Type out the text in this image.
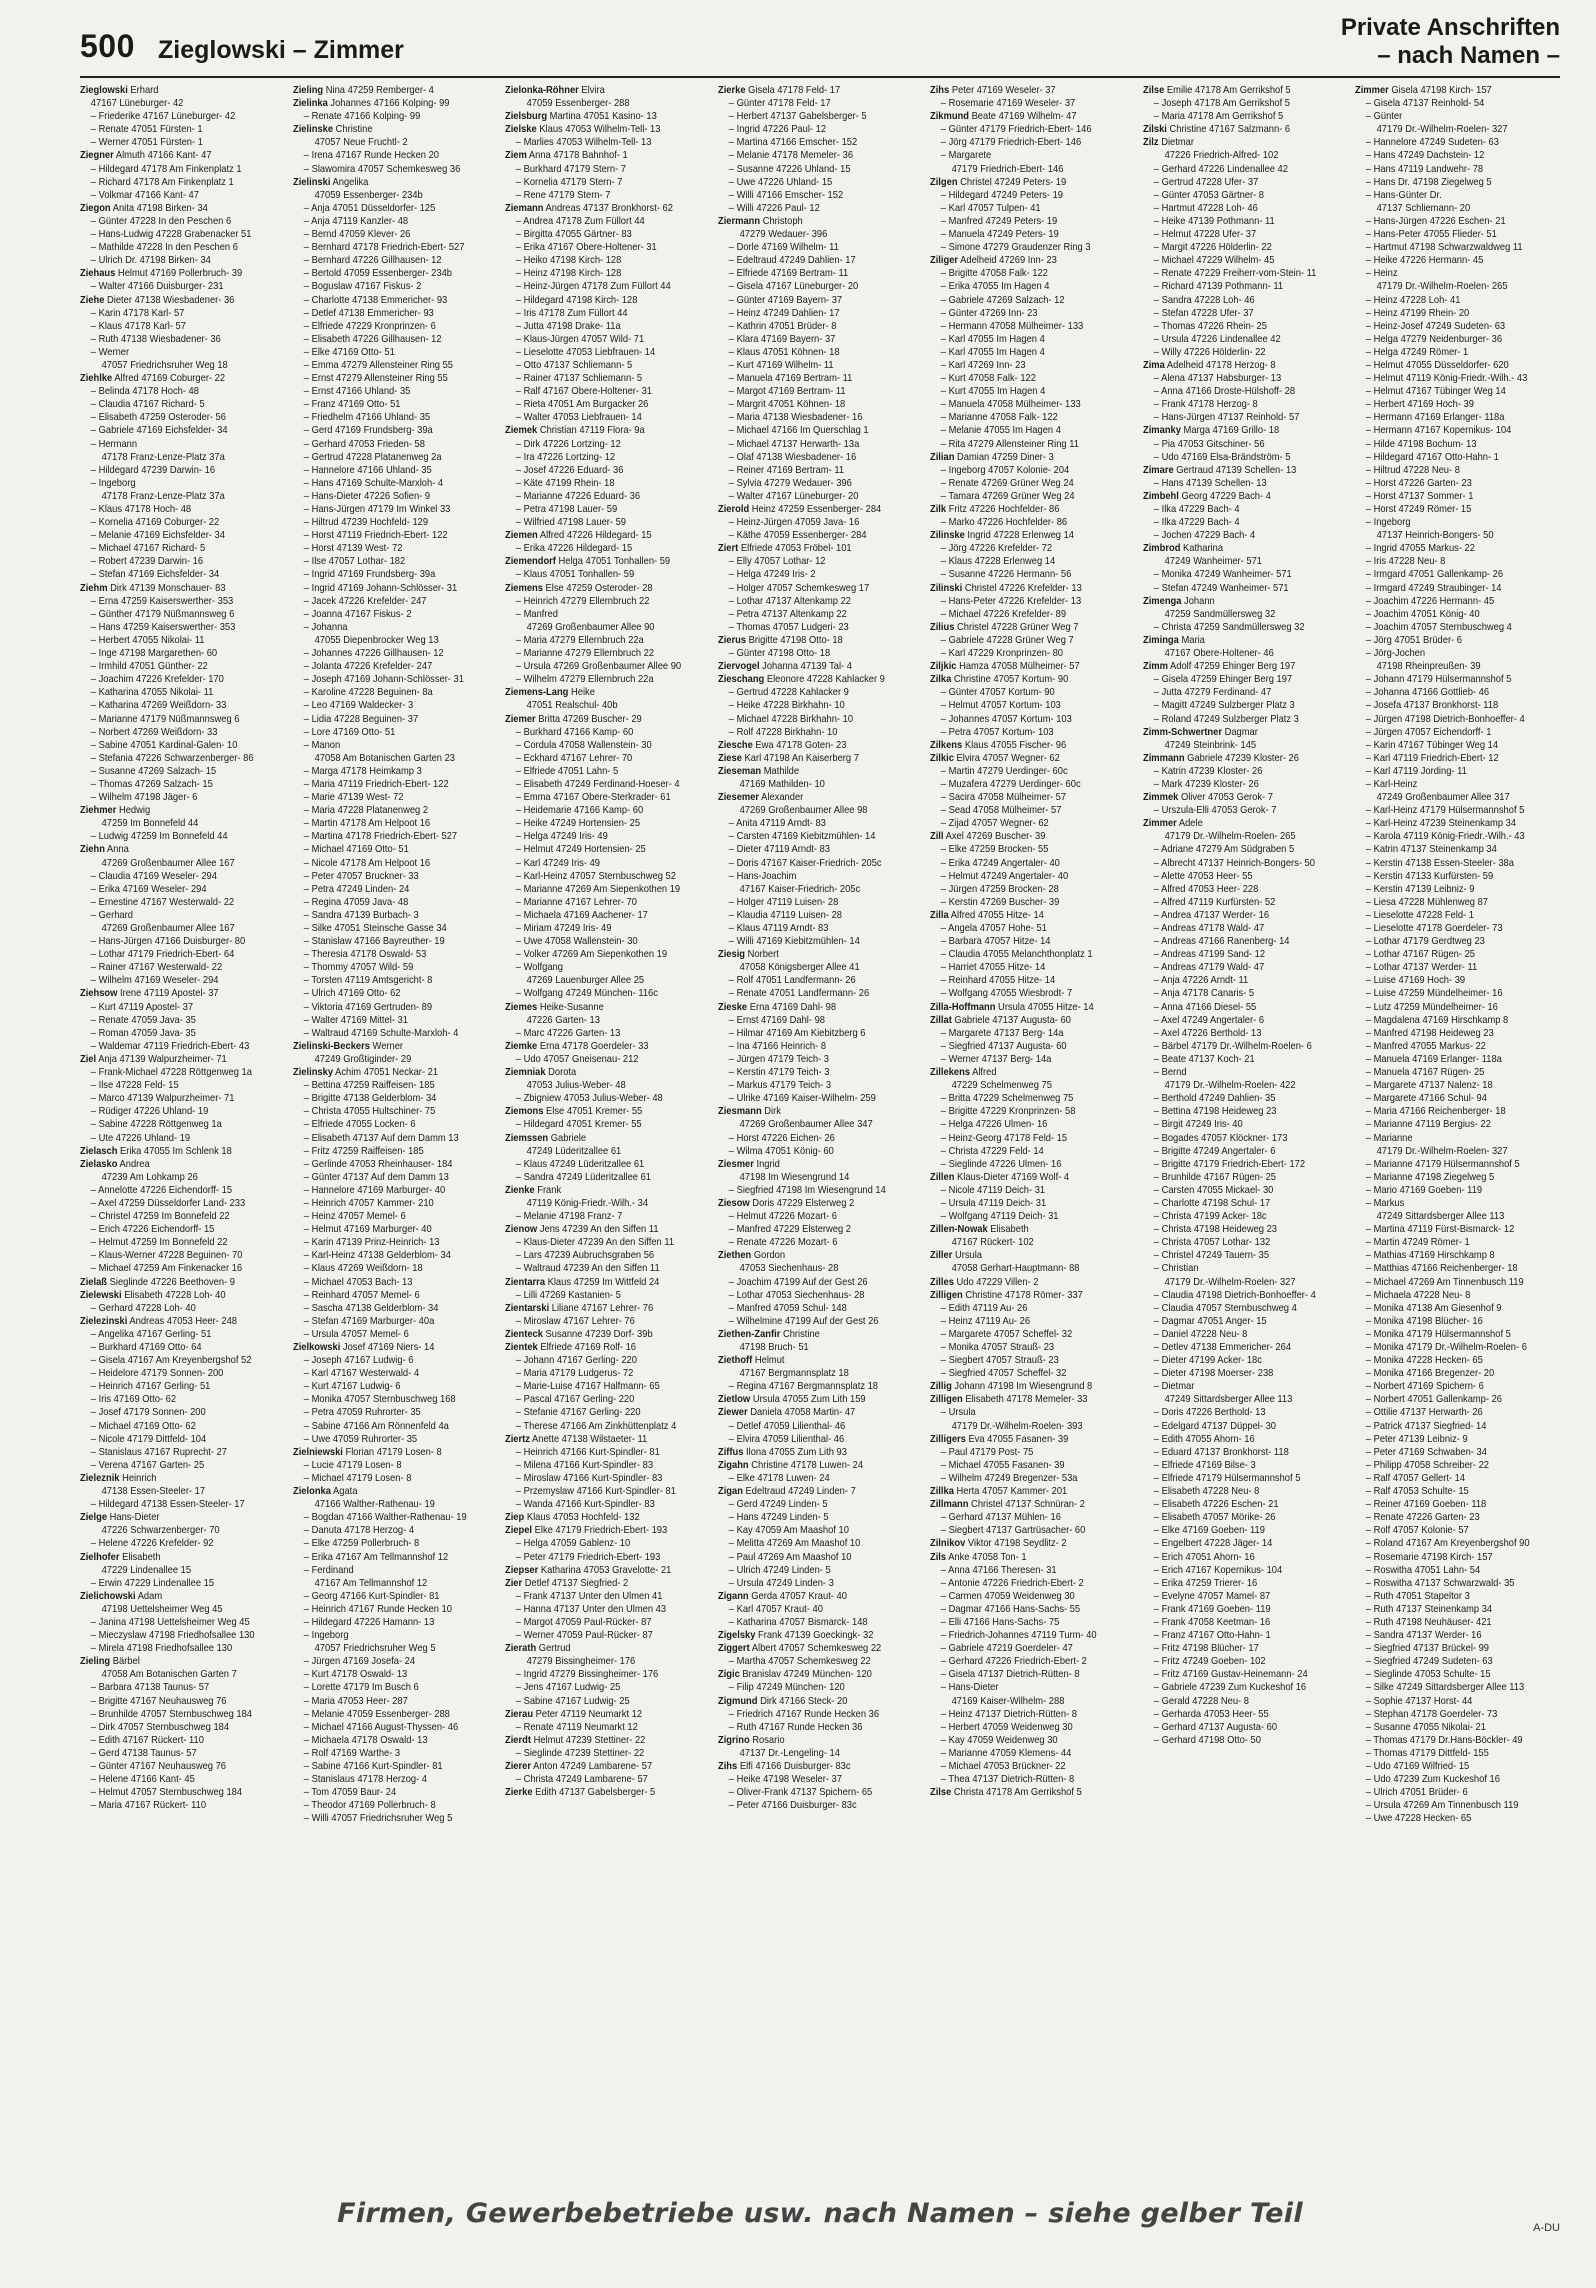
500 Zieglowski – Zimmer
Private Anschriften
– nach Namen –
Zieglowski Erhard
47167 Lüneburger- 42
– Friederike 47167 Lüneburger- 42
– Renate 47051 Fürsten- 1
– Werner 47051 Fürsten- 1
Ziegner Almuth 47166 Kant- 47
– Hildegard 47178 Am Finkenplatz 1
– Richard 47178 Am Finkenplatz 1
– Volkmar 47166 Kant- 47
Ziegon Anita 47198 Birken- 34
– Günter 47228 In den Peschen 6
– Hans-Ludwig 47228 Grabenacker 51
– Mathilde 47228 In den Peschen 6
– Ulrich Dr. 47198 Birken- 34
Ziehaus Helmut 47169 Pollerbruch- 39
– Walter 47166 Duisburger- 231
Ziehe Dieter 47138 Wiesbadener- 36
– Karin 47178 Karl- 57
– Klaus 47178 Karl- 57
– Ruth 47138 Wiesbadener- 36
– Werner
47057 Friedrichsruher Weg 18
Ziehlke Alfred 47169 Coburger- 22
– Belinda 47178 Hoch- 48
– Claudia 47167 Richard- 5
– Elisabeth 47259 Osteroder- 56
– Gabriele 47169 Eichsfelder- 34
– Hermann
47178 Franz-Lenze-Platz 37a
– Hildegard 47239 Darwin- 16
– Ingeborg
47178 Franz-Lenze-Platz 37a
– Klaus 47178 Hoch- 48
– Kornelia 47169 Coburger- 22
– Melanie 47169 Eichsfelder- 34
– Michael 47167 Richard- 5
– Robert 47239 Darwin- 16
– Stefan 47169 Eichsfelder- 34
Ziehm Dirk 47139 Monschauer- 83
– Erna 47259 Kaiserswerther- 353
– Günther 47179 Nüßmannsweg 6
– Hans 47259 Kaiserswerther- 353
– Herbert 47055 Nikolai- 11
– Inge 47198 Margarethen- 60
– Irmhild 47051 Günther- 22
– Joachim 47226 Krefelder- 170
– Katharina 47055 Nikolai- 11
– Katharina 47269 Weißdorn- 33
– Marianne 47179 Nüßmannsweg 6
– Norbert 47269 Weißdorn- 33
– Sabine 47051 Kardinal-Galen- 10
– Stefania 47226 Schwarzenberger- 86
– Susanne 47269 Salzach- 15
– Thomas 47269 Salzach- 15
– Wilhelm 47198 Jäger- 6
Ziehmer Hedwig
47259 Im Bonnefeld 44
– Ludwig 47259 Im Bonnefeld 44
Ziehn Anna
47269 Großenbaumer Allee 167
– Claudia 47169 Weseler- 294
– Erika 47169 Weseler- 294
– Ernestine 47167 Westerwald- 22
– Gerhard
47269 Großenbaumer Allee 167
– Hans-Jürgen 47166 Duisburger- 80
– Lothar 47179 Friedrich-Ebert- 64
– Rainer 47167 Westerwald- 22
– Wilhelm 47169 Weseler- 294
Ziehsow Irene 47119 Apostel- 37
– Kurt 47119 Apostel- 37
– Renate 47059 Java- 35
– Roman 47059 Java- 35
– Waldemar 47119 Friedrich-Ebert- 43
Ziel Anja 47139 Walpurzheimer- 71
– Frank-Michael 47228 Röttgenweg 1a
– Ilse 47228 Feld- 15
– Marco 47139 Walpurzheimer- 71
– Rüdiger 47226 Uhland- 19
– Sabine 47228 Röttgenweg 1a
– Ute 47226 Uhland- 19
Zielasch Erika 47055 Im Schlenk 18
Zielasko Andrea
47239 Am Lohkamp 26
– Annelotte 47226 Eichendorff- 15
– Axel 47259 Düsseldorfer Land- 233
– Christel 47259 Im Bonnefeld 22
– Erich 47226 Eichendorff- 15
– Helmut 47259 Im Bonnefeld 22
– Klaus-Werner 47228 Beguinen- 70
– Michael 47259 Am Finkenacker 16
Zielaß Sieglinde 47226 Beethoven- 9
Zielewski Elisabeth 47228 Loh- 40
– Gerhard 47228 Loh- 40
Zielezinski Andreas 47053 Heer- 248
– Angelika 47167 Gerling- 51
– Burkhard 47169 Otto- 64
– Gisela 47167 Am Kreyenbergshof 52
– Heidelore 47179 Sonnen- 200
– Heinrich 47167 Gerling- 51
– Iris 47169 Otto- 62
– Josef 47179 Sonnen- 200
– Michael 47169 Otto- 62
– Nicole 47179 Dittfeld- 104
– Stanislaus 47167 Ruprecht- 27
– Verena 47167 Garten- 25
Zieleznik Heinrich
47138 Essen-Steeler- 17
– Hildegard 47138 Essen-Steeler- 17
Zielge Hans-Dieter
47226 Schwarzenberger- 70
– Helene 47226 Krefelder- 92
Zielhofer Elisabeth
47229 Lindenallee 15
– Erwin 47229 Lindenallee 15
Zielichowski Adam
47198 Uettelsheimer Weg 45
– Janina 47198 Uettelsheimer Weg 45
– Mieczyslaw 47198 Friedhofsallee 130
– Mirela 47198 Friedhofsallee 130
Zieling Bärbel
47058 Am Botanischen Garten 7
– Barbara 47138 Taunus- 57
– Brigitte 47167 Neuhausweg 76
– Brunhilde 47057 Sternbuschweg 184
– Dirk 47057 Sternbuschweg 184
– Edith 47167 Rückert- 110
– Gerd 47138 Taunus- 57
– Günter 47167 Neuhausweg 76
– Helene 47166 Kant- 45
– Helmut 47057 Sternbuschweg 184
– Maria 47167 Rückert- 110
Zieling Nina 47259 Remberger- 4
Zielinka Johannes 47166 Kolping- 99
– Renate 47166 Kolping- 99
Zielinske Christine
47057 Neue Fruchtl- 2
– Irena 47167 Runde Hecken 20
– Slawomira 47057 Schemkesweg 36
Zielinski Angelika
47059 Essenberger- 234b
– Anja 47051 Düsseldorfer- 125
– Anja 47119 Kanzler- 48
– Bernd 47059 Klever- 26
– Bernhard 47178 Friedrich-Ebert- 527
– Bernhard 47226 Gillhausen- 12
– Bertold 47059 Essenberger- 234b
– Boguslaw 47167 Fiskus- 2
– Charlotte 47138 Emmericher- 93
– Detlef 47138 Emmericher- 93
– Elfriede 47229 Kronprinzen- 6
– Elisabeth 47226 Gillhausen- 12
– Elke 47169 Otto- 51
– Emma 47279 Allensteiner Ring 55
– Ernst 47279 Allensteiner Ring 55
– Ernst 47166 Uhland- 35
– Franz 47169 Otto- 51
– Friedhelm 47166 Uhland- 35
– Gerd 47169 Frundsberg- 39a
– Gerhard 47053 Frieden- 58
– Gertrud 47228 Platanenweg 2a
– Hannelore 47166 Uhland- 35
– Hans 47169 Schulte-Marxloh- 4
– Hans-Dieter 47226 Sofien- 9
– Hans-Jürgen 47179 Im Winkel 33
– Hiltrud 47239 Hochfeld- 129
– Horst 47119 Friedrich-Ebert- 122
– Horst 47139 West- 72
– Ilse 47057 Lothar- 182
– Ingrid 47169 Frundsberg- 39a
– Ingrid 47169 Johann-Schlösser- 31
– Jacek 47226 Krefelder- 247
– Joanna 47167 Fiskus- 2
– Johanna
47055 Diepenbrocker Weg 13
– Johannes 47226 Gillhausen- 12
– Jolanta 47226 Krefelder- 247
– Joseph 47169 Johann-Schlösser- 31
– Karoline 47228 Beguinen- 8a
– Leo 47169 Waldecker- 3
– Lidia 47228 Beguinen- 37
– Lore 47169 Otto- 51
– Manon
47058 Am Botanischen Garten 23
– Marga 47178 Heimkamp 3
– Maria 47119 Friedrich-Ebert- 122
– Marie 47139 West- 72
– Maria 47228 Platanenweg 2
– Martin 47178 Am Helpoot 16
– Martina 47178 Friedrich-Ebert- 527
– Michael 47169 Otto- 51
– Nicole 47178 Am Helpoot 16
– Peter 47057 Bruckner- 33
– Petra 47249 Linden- 24
– Regina 47059 Java- 48
– Sandra 47139 Burbach- 3
– Silke 47051 Steinsche Gasse 34
– Stanislaw 47166 Bayreuther- 19
– Theresia 47178 Oswald- 53
– Thommy 47057 Wild- 59
– Torsten 47119 Amtsgericht- 8
– Ulrich 47169 Otto- 62
– Viktoria 47169 Gertruden- 89
– Walter 47169 Mittel- 31
– Waltraud 47169 Schulte-Marxloh- 4
Zielinski-Beckers Werner
47249 Großtiginder- 29
Zielinsky Achim 47051 Neckar- 21
– Bettina 47259 Raiffeisen- 185
– Brigitte 47138 Gelderblom- 34
– Christa 47055 Hultschiner- 75
– Elfriede 47055 Locken- 6
– Elisabeth 47137 Auf dem Damm 13
– Fritz 47259 Raiffeisen- 185
– Gerlinde 47053 Rheinhauser- 184
– Günter 47137 Auf dem Damm 13
– Hannelore 47169 Marburger- 40
– Heinrich 47057 Kammer- 210
– Heinz 47057 Memel- 6
– Helmut 47169 Marburger- 40
– Karin 47139 Prinz-Heinrich- 13
– Karl-Heinz 47138 Gelderblom- 34
– Klaus 47269 Weißdorn- 18
– Michael 47053 Bach- 13
– Reinhard 47057 Memel- 6
– Sascha 47138 Gelderblom- 34
– Stefan 47169 Marburger- 40a
– Ursula 47057 Memel- 6
Zielkowski Josef 47169 Niers- 14
– Joseph 47167 Ludwig- 6
– Karl 47167 Westerwald- 4
– Kurt 47167 Ludwig- 6
– Monika 47057 Sternbuschweg 168
– Petra 47059 Ruhrorter- 35
– Sabine 47166 Am Rönnenfeld 4a
– Uwe 47059 Ruhrorter- 35
Zielniewski Florian 47179 Losen- 8
– Lucie 47179 Losen- 8
– Michael 47179 Losen- 8
Zielonka Agata
47166 Walther-Rathenau- 19
– Bogdan 47166 Walther-Rathenau- 19
– Danuta 47178 Herzog- 4
– Elke 47259 Pollerbruch- 8
– Erika 47167 Am Tellmannshof 12
– Ferdinand
47167 Am Tellmannshof 12
– Georg 47166 Kurt-Spindler- 81
– Heinrich 47167 Runde Hecken 10
– Hildegard 47226 Hamann- 13
– Ingeborg
47057 Friedrichsruher Weg 5
– Jürgen 47169 Josefa- 24
– Kurt 47178 Oswald- 13
– Lorette 47179 Im Busch 6
– Maria 47053 Heer- 287
– Melanie 47059 Essenberger- 288
– Michael 47166 August-Thyssen- 46
– Michaela 47178 Oswald- 13
– Rolf 47169 Warthe- 3
– Sabine 47166 Kurt-Spindler- 81
– Stanislaus 47178 Herzog- 4
– Tom 47059 Baur- 24
– Theodor 47169 Pollerbruch- 8
– Willi 47057 Friedrichsruher Weg 5
Zielonka-Röhner Elvira
47059 Essenberger- 288
Zielsburg Martina 47051 Kasino- 13
Zielske Klaus 47053 Wilhelm-Tell- 13
– Marlies 47053 Wilhelm-Tell- 13
Ziem Anna 47178 Bahnhof- 1
– Burkhard 47179 Stern- 7
– Kornelia 47179 Stern- 7
– Rene 47179 Stern- 7
Ziemann Andreas 47137 Bronkhorst- 62
– Andrea 47178 Zum Füllort 44
– Birgitta 47055 Gärtner- 83
– Erika 47167 Obere-Holtener- 31
– Heiko 47198 Kirch- 128
– Heinz 47198 Kirch- 128
– Heinz-Jürgen 47178 Zum Füllort 44
– Hildegard 47198 Kirch- 128
– Iris 47178 Zum Füllort 44
– Jutta 47198 Drake- 11a
– Klaus-Jürgen 47057 Wild- 71
– Lieselotte 47053 Liebfrauen- 14
– Otto 47137 Schliemann- 5
– Rainer 47137 Schliemann- 5
– Ralf 47167 Obere-Holtener- 31
– Rieta 47051 Am Burgacker 26
– Walter 47053 Liebfrauen- 14
Ziemek Christian 47119 Flora- 9a
– Dirk 47226 Lortzing- 12
– Ira 47226 Lortzing- 12
– Josef 47226 Eduard- 36
– Käte 47199 Rhein- 18
– Marianne 47226 Eduard- 36
– Petra 47198 Lauer- 59
– Wilfried 47198 Lauer- 59
Ziemen Alfred 47226 Hildegard- 15
– Erika 47226 Hildegard- 15
Ziemendorf Helga 47051 Tonhallen- 59
– Klaus 47051 Tonhallen- 59
Ziemens Else 47259 Osteroder- 28
– Heinrich 47279 Ellernbruch 22
– Manfred
47269 Großenbaumer Allee 90
– Maria 47279 Ellernbruch 22a
– Marianne 47279 Ellernbruch 22
– Ursula 47269 Großenbaumer Allee 90
– Wilhelm 47279 Ellernbruch 22a
Ziemens-Lang Heike
47051 Realschul- 40b
Ziemer Britta 47269 Buscher- 29
– Burkhard 47166 Kamp- 60
– Cordula 47058 Wallenstein- 30
– Eckhard 47167 Lehrer- 70
– Elfriede 47051 Lahn- 5
– Elisabeth 47249 Ferdinand-Hoeser- 4
– Emma 47167 Obere-Sterkrader- 61
– Heidemarie 47166 Kamp- 60
– Heike 47249 Hortensien- 25
– Helga 47249 Iris- 49
– Helmut 47249 Hortensien- 25
– Karl 47249 Iris- 49
– Karl-Heinz 47057 Sternbuschweg 52
– Marianne 47269 Am Siepenkothen 19
– Marianne 47167 Lehrer- 70
– Michaela 47169 Aachener- 17
– Miriam 47249 Iris- 49
– Uwe 47058 Wallenstein- 30
– Volker 47269 Am Siepenkothen 19
– Wolfgang
47269 Lauenburger Allee 25
– Wolfgang 47249 München- 116c
Ziemes Heike-Susanne
47226 Garten- 13
– Marc 47226 Garten- 13
Ziemke Erna 47178 Goerdeler- 33
– Udo 47057 Gneisenau- 212
Ziemniak Dorota
47053 Julius-Weber- 48
– Zbigniew 47053 Julius-Weber- 48
Ziemons Else 47051 Kremer- 55
– Hildegard 47051 Kremer- 55
Ziemssen Gabriele
47249 Lüderitzallee 61
– Klaus 47249 Lüderitzallee 61
– Sandra 47249 Lüderitzallee 61
Zienke Frank
47119 König-Friedr.-Wilh.- 34
– Melanie 47198 Franz- 7
Zienow Jens 47239 An den Siffen 11
– Klaus-Dieter 47239 An den Siffen 11
– Lars 47239 Aubruchsgraben 56
– Waltraud 47239 An den Siffen 11
Zientarra Klaus 47259 Im Wittfeld 24
– Lilli 47269 Kastanien- 5
Zientarski Liliane 47167 Lehrer- 76
– Miroslaw 47167 Lehrer- 76
Zienteck Susanne 47239 Dorf- 39b
Zientek Elfriede 47169 Rolf- 16
– Johann 47167 Gerling- 220
– Maria 47179 Ludgerus- 72
– Marie-Luise 47167 Halfmann- 65
– Pascal 47167 Gerling- 220
– Stefanie 47167 Gerling- 220
– Therese 47166 Am Zinkhüttenplatz 4
Ziertz Anette 47138 Wilstaeter- 11
– Heinrich 47166 Kurt-Spindler- 81
– Milena 47166 Kurt-Spindler- 83
– Miroslaw 47166 Kurt-Spindler- 83
– Przemyslaw 47166 Kurt-Spindler- 81
– Wanda 47166 Kurt-Spindler- 83
Ziep Klaus 47053 Hochfeld- 132
Ziepel Elke 47179 Friedrich-Ebert- 193
– Helga 47059 Gablenz- 10
– Peter 47179 Friedrich-Ebert- 193
Ziepser Katharina 47053 Gravelotte- 21
Zier Detlef 47137 Siegfried- 2
– Frank 47137 Unter den Ulmen 41
– Hanna 47137 Unter den Ulmen 43
– Margot 47059 Paul-Rücker- 87
– Werner 47059 Paul-Rücker- 87
Zierath Gertrud
47279 Bissingheimer- 176
– Ingrid 47279 Bissingheimer- 176
– Jens 47167 Ludwig- 25
– Sabine 47167 Ludwig- 25
Zierau Peter 47119 Neumarkt 12
– Renate 47119 Neumarkt 12
Zierdt Helmut 47239 Stettiner- 22
– Sieglinde 47239 Stettiner- 22
Zierer Anton 47249 Lambarene- 57
– Christa 47249 Lambarene- 57
Zierke Edith 47137 Gabelsberger- 5
Zierke Gisela 47178 Feld- 17
– Günter 47178 Feld- 17
– Herbert 47137 Gabelsberger- 5
– Ingrid 47226 Paul- 12
– Martina 47166 Emscher- 152
– Melanie 47178 Memeler- 36
– Susanne 47226 Uhland- 15
– Uwe 47226 Uhland- 15
– Willi 47166 Emscher- 152
– Willi 47226 Paul- 12
Ziermann Christoph
47279 Wedauer- 396
– Dorle 47169 Wilhelm- 11
– Edeltraud 47249 Dahlien- 17
– Elfriede 47169 Bertram- 11
– Gisela 47167 Lüneburger- 20
– Günter 47169 Bayern- 37
– Heinz 47249 Dahlien- 17
– Kathrin 47051 Brüder- 8
– Klara 47169 Bayern- 37
– Klaus 47051 Köhnen- 18
– Kurt 47169 Wilhelm- 11
– Manuela 47169 Bertram- 11
– Margot 47169 Bertram- 11
– Margrit 47051 Köhnen- 18
– Maria 47138 Wiesbadener- 16
– Michael 47166 Im Querschlag 1
– Michael 47137 Herwarth- 13a
– Olaf 47138 Wiesbadener- 16
– Reiner 47169 Bertram- 11
– Sylvia 47279 Wedauer- 396
– Walter 47167 Lüneburger- 20
Zierold Heinz 47259 Essenberger- 284
– Heinz-Jürgen 47059 Java- 16
– Käthe 47059 Essenberger- 284
Ziert Elfriede 47053 Fröbel- 101
– Elly 47057 Lothar- 12
– Helga 47249 Iris- 2
– Holger 47057 Schemkesweg 17
– Lothar 47137 Altenkamp 22
– Petra 47137 Altenkamp 22
– Thomas 47057 Ludgeri- 23
Zierus Brigitte 47198 Otto- 18
– Günter 47198 Otto- 18
Ziervogel Johanna 47139 Tal- 4
Zieschang Eleonore 47228 Kahlacker 9
– Gertrud 47228 Kahlacker 9
– Heike 47228 Birkhahn- 10
– Michael 47228 Birkhahn- 10
– Rolf 47228 Birkhahn- 10
Ziesche Ewa 47178 Goten- 23
Ziese Karl 47198 An Kaiserberg 7
Zieseman Mathilde
47169 Mathilden- 10
Ziesemer Alexander
47269 Großenbaumer Allee 98
– Anita 47119 Arndt- 83
– Carsten 47169 Kiebitzmühlen- 14
– Dieter 47119 Arndt- 83
– Doris 47167 Kaiser-Friedrich- 205c
– Hans-Joachim
47167 Kaiser-Friedrich- 205c
– Holger 47119 Luisen- 28
– Klaudia 47119 Luisen- 28
– Klaus 47119 Arndt- 83
– Willi 47169 Kiebitzmühlen- 14
Ziesig Norbert
47058 Königsberger Allee 41
– Rolf 47051 Landfermann- 26
– Renate 47051 Landfermann- 26
Zieske Erna 47169 Dahl- 98
– Ernst 47169 Dahl- 98
– Hilmar 47169 Am Kiebitzberg 6
– Ina 47166 Heinrich- 8
– Jürgen 47179 Teich- 3
– Kerstin 47179 Teich- 3
– Markus 47179 Teich- 3
– Ulrike 47169 Kaiser-Wilhelm- 259
Ziesmann Dirk
47269 Großenbaumer Allee 347
– Horst 47226 Eichen- 26
– Wilma 47051 König- 60
Ziesmer Ingrid
47198 Im Wiesengrund 14
– Siegfried 47198 Im Wiesengrund 14
Ziesow Doris 47229 Elsterweg 2
– Helmut 47226 Mozart- 6
– Manfred 47229 Elsterweg 2
– Renate 47226 Mozart- 6
Ziethen Gordon
47053 Siechenhaus- 28
– Joachim 47199 Auf der Gest 26
– Lothar 47053 Siechenhaus- 28
– Manfred 47059 Schul- 148
– Wilhelmine 47199 Auf der Gest 26
Ziethen-Zanfir Christine
47198 Bruch- 51
Ziethoff Helmut
47167 Bergmannsplatz 18
– Regina 47167 Bergmannsplatz 18
Zietlow Ursula 47055 Zum Lith 159
Ziewer Daniela 47058 Martin- 47
– Detlef 47059 Lilienthal- 46
– Elvira 47059 Lilienthal- 46
Ziffus Ilona 47055 Zum Lith 93
Zigahn Christine 47178 Luwen- 24
– Elke 47178 Luwen- 24
Zigan Edeltraud 47249 Linden- 7
– Gerd 47249 Linden- 5
– Hans 47249 Linden- 5
– Kay 47059 Am Maashof 10
– Melitta 47269 Am Maashof 10
– Paul 47269 Am Maashof 10
– Ulrich 47249 Linden- 5
– Ursula 47249 Linden- 3
Zigann Gerda 47057 Kraut- 40
– Karl 47057 Kraut- 40
– Katharina 47057 Bismarck- 148
Zigelsky Frank 47139 Goeckingk- 32
Ziggert Albert 47057 Schemkesweg 22
– Martha 47057 Schemkesweg 22
Zigic Branislav 47249 München- 120
– Filip 47249 München- 120
Zigmund Dirk 47166 Steck- 20
– Friedrich 47167 Runde Hecken 36
– Ruth 47167 Runde Hecken 36
Zigrino Rosario
47137 Dr.-Lengeling- 14
Zihs Elfi 47166 Duisburger- 83c
– Heike 47198 Weseler- 37
– Oliver-Frank 47137 Spichern- 65
– Peter 47166 Duisburger- 83c
Zihs Peter 47169 Weseler- 37
– Rosemarie 47169 Weseler- 37
Zikmund Beate 47169 Wilhelm- 47
– Günter 47179 Friedrich-Ebert- 146
– Jörg 47179 Friedrich-Ebert- 146
– Margarete
47179 Friedrich-Ebert- 146
Zilgen Christel 47249 Peters- 19
– Hildegard 47249 Peters- 19
– Karl 47057 Tulpen- 41
– Manfred 47249 Peters- 19
– Manuela 47249 Peters- 19
– Simone 47279 Graudenzer Ring 3
Ziliger Adelheid 47269 Inn- 23
– Brigitte 47058 Falk- 122
– Erika 47055 Im Hagen 4
– Gabriele 47269 Salzach- 12
– Günter 47269 Inn- 23
– Hermann 47058 Mülheimer- 133
– Karl 47055 Im Hagen 4
– Karl 47055 Im Hagen 4
– Karl 47269 Inn- 23
– Kurt 47058 Falk- 122
– Kurt 47055 Im Hagen 4
– Manuela 47058 Mülheimer- 133
– Marianne 47058 Falk- 122
– Melanie 47055 Im Hagen 4
– Rita 47279 Allensteiner Ring 11
Zilian Damian 47259 Diner- 3
– Ingeborg 47057 Kolonie- 204
– Renate 47269 Grüner Weg 24
– Tamara 47269 Grüner Weg 24
Zilk Fritz 47226 Hochfelder- 86
– Marko 47226 Hochfelder- 86
Zilinske Ingrid 47228 Erlenweg 14
– Jörg 47226 Krefelder- 72
– Klaus 47228 Erlenweg 14
– Susanne 47226 Hermann- 56
Zilinski Christel 47226 Krefelder- 13
– Hans-Peter 47226 Krefelder- 13
– Michael 47226 Krefelder- 89
Zilius Christel 47228 Grüner Weg 7
– Gabriele 47228 Grüner Weg 7
– Karl 47229 Kronprinzen- 80
Ziljkic Hamza 47058 Mülheimer- 57
Zilka Christine 47057 Kortum- 90
– Günter 47057 Kortum- 90
– Helmut 47057 Kortum- 103
– Johannes 47057 Kortum- 103
– Petra 47057 Kortum- 103
Zilkens Klaus 47055 Fischer- 96
Zilkic Elvira 47057 Wegner- 62
– Martin 47279 Uerdinger- 60c
– Muzafera 47279 Uerdinger- 60c
– Sacira 47058 Mülheimer- 57
– Sead 47058 Mülheimer- 57
– Zijad 47057 Wegner- 62
Zill Axel 47269 Buscher- 39
– Elke 47259 Brocken- 55
– Erika 47249 Angertaler- 40
– Helmut 47249 Angertaler- 40
– Jürgen 47259 Brocken- 28
– Kerstin 47269 Buscher- 39
Zilla Alfred 47055 Hitze- 14
– Angela 47057 Hohe- 51
– Barbara 47057 Hitze- 14
– Claudia 47055 Melanchthonplatz 1
– Harriet 47055 Hitze- 14
– Reinhard 47055 Hitze- 14
– Wolfgang 47055 Wiesbrodt- 7
Zilla-Hoffmann Ursula 47055 Hitze- 14
Zillat Gabriele 47137 Augusta- 60
– Margarete 47137 Berg- 14a
– Siegfried 47137 Augusta- 60
– Werner 47137 Berg- 14a
Zillekens Alfred
47229 Schelmenweg 75
– Britta 47229 Schelmenweg 75
– Brigitte 47229 Kronprinzen- 58
– Helga 47226 Ulmen- 16
– Heinz-Georg 47178 Feld- 15
– Christa 47229 Feld- 14
– Sieglinde 47226 Ulmen- 16
Zillen Klaus-Dieter 47169 Wolf- 4
– Nicole 47119 Deich- 31
– Ursula 47119 Deich- 31
– Wolfgang 47119 Deich- 31
Zillen-Nowak Elisabeth
47167 Rückert- 102
Ziller Ursula
47058 Gerhart-Hauptmann- 88
Zilles Udo 47229 Villen- 2
Zilligen Christine 47178 Römer- 337
– Edith 47119 Au- 26
– Heinz 47119 Au- 26
– Margarete 47057 Scheffel- 32
– Monika 47057 Strauß- 23
– Siegbert 47057 Strauß- 23
– Siegfried 47057 Scheffel- 32
Zillig Johann 47198 Im Wiesengrund 8
Zilligen Elisabeth 47178 Memeler- 33
– Ursula
47179 Dr.-Wilhelm-Roelen- 393
Zilligers Eva 47055 Fasanen- 39
– Paul 47179 Post- 75
– Michael 47055 Fasanen- 39
– Wilhelm 47249 Bregenzer- 53a
Zillka Herta 47057 Kammer- 201
Zillmann Christel 47137 Schnüran- 2
– Gerhard 47137 Mühlen- 16
– Siegbert 47137 Gartrüsacher- 60
Zilnikov Viktor 47198 Seydlitz- 2
Zils Anke 47058 Ton- 1
– Anna 47166 Theresen- 31
– Antonie 47226 Friedrich-Ebert- 2
– Carmen 47059 Weidenweg 30
– Dagmar 47166 Hans-Sachs- 55
– Elli 47166 Hans-Sachs- 75
– Friedrich-Johannes 47119 Turm- 40
– Gabriele 47219 Goerdeler- 47
– Gerhard 47226 Friedrich-Ebert- 2
– Gisela 47137 Dietrich-Rütten- 8
– Hans-Dieter
47169 Kaiser-Wilhelm- 288
– Heinz 47137 Dietrich-Rütten- 8
– Herbert 47059 Weidenweg 30
– Kay 47059 Weidenweg 30
– Marianne 47059 Klemens- 44
– Michael 47053 Brückner- 22
– Thea 47137 Dietrich-Rütten- 8
Zilse Christa 47178 Am Gerrikshof 5
Zilse Emilie 47178 Am Gerrikshof 5
– Joseph 47178 Am Gerrikshof 5
– Maria 47178 Am Gerrikshof 5
Zilski Christine 47167 Salzmann- 6
Zilz Dietmar
47226 Friedrich-Alfred- 102
– Gerhard 47226 Lindenallee 42
– Gertrud 47228 Ufer- 37
– Günter 47053 Gärtner- 8
– Hartmut 47228 Loh- 46
– Heike 47139 Pothmann- 11
– Helmut 47228 Ufer- 37
– Margit 47226 Hölderlin- 22
– Michael 47229 Wilhelm- 45
– Renate 47229 Freiherr-vom-Stein- 11
– Richard 47139 Pothmann- 11
– Sandra 47228 Loh- 46
– Stefan 47228 Ufer- 37
– Thomas 47226 Rhein- 25
– Ursula 47226 Lindenallee 42
– Willy 47226 Hölderlin- 22
Zima Adelheid 47178 Herzog- 8
– Alena 47137 Habsburger- 13
– Anna 47166 Droste-Hülshoff- 28
– Frank 47178 Herzog- 8
– Hans-Jürgen 47137 Reinhold- 57
Zimanky Marga 47169 Grillo- 18
– Pia 47053 Gitschiner- 56
– Udo 47169 Elsa-Brändström- 5
Zimare Gertraud 47139 Schellen- 13
– Hans 47139 Schellen- 13
Zimbehl Georg 47229 Bach- 4
– Ilka 47229 Bach- 4
– Ilka 47229 Bach- 4
– Jochen 47229 Bach- 4
Zimbrod Katharina
47249 Wanheimer- 571
– Monika 47249 Wanheimer- 571
– Stefan 47249 Wanheimer- 571
Zimenga Johann
47259 Sandmüllersweg 32
– Christa 47259 Sandmüllersweg 32
Ziminga Maria
47167 Obere-Holtener- 46
Zimm Adolf 47259 Ehinger Berg 197
– Gisela 47259 Ehinger Berg 197
– Jutta 47279 Ferdinand- 47
– Magitt 47249 Sulzberger Platz 3
– Roland 47249 Sulzberger Platz 3
Zimm-Schwertner Dagmar
47249 Steinbrink- 145
Zimmann Gabriele 47239 Kloster- 26
– Katrin 47239 Kloster- 26
– Mark 47239 Kloster- 26
Zimmek Oliver 47053 Gerok- 7
– Urszula-Elli 47053 Gerok- 7
Zimmer Adele
47179 Dr.-Wilhelm-Roelen- 265
– Adriane 47279 Am Südgraben 5
– Albrecht 47137 Heinrich-Bongers- 50
– Alette 47053 Heer- 55
– Alfred 47053 Heer- 228
– Alfred 47119 Kurfürsten- 52
– Andrea 47137 Werder- 16
– Andreas 47178 Wald- 47
– Andreas 47166 Ranenberg- 14
– Andreas 47199 Sand- 12
– Andreas 47179 Wald- 47
– Anja 47226 Arndt- 11
– Anja 47178 Canaris- 5
– Anna 47166 Diesel- 55
– Axel 47249 Angertaler- 6
– Axel 47226 Berthold- 13
– Bärbel 47179 Dr.-Wilhelm-Roelen- 6
– Beate 47137 Koch- 21
– Bernd
47179 Dr.-Wilhelm-Roelen- 422
– Berthold 47249 Dahlien- 35
– Bettina 47198 Heideweg 23
– Birgit 47249 Iris- 40
– Bogades 47057 Klöckner- 173
– Brigitte 47249 Angertaler- 6
– Brigitte 47179 Friedrich-Ebert- 172
– Brunhilde 47167 Rügen- 25
– Carsten 47055 Mickael- 30
– Charlotte 47198 Schul- 17
– Christa 47199 Acker- 18c
– Christa 47198 Heideweg 23
– Christa 47057 Lothar- 132
– Christel 47249 Tauern- 35
– Christian
47179 Dr.-Wilhelm-Roelen- 327
– Claudia 47198 Dietrich-Bonhoeffer- 4
– Claudia 47057 Sternbuschweg 4
– Dagmar 47051 Anger- 15
– Daniel 47228 Neu- 8
– Detlev 47138 Emmericher- 264
– Dieter 47199 Acker- 18c
– Dieter 47198 Moerser- 238
– Dietmar
47249 Sittardsberger Allee 113
– Doris 47226 Berthold- 13
– Edelgard 47137 Düppel- 30
– Edith 47055 Ahorn- 16
– Eduard 47137 Bronkhorst- 118
– Elfriede 47169 Bilse- 3
– Elfriede 47179 Hülsermannshof 5
– Elisabeth 47228 Neu- 8
– Elisabeth 47226 Eschen- 21
– Elisabeth 47057 Mörike- 26
– Elke 47169 Goeben- 119
– Engelbert 47228 Jäger- 14
– Erich 47051 Ahorn- 16
– Erich 47167 Kopernikus- 104
– Erika 47259 Trierer- 16
– Evelyne 47057 Mamel- 87
– Frank 47169 Goeben- 119
– Frank 47058 Keetman- 16
– Franz 47167 Otto-Hahn- 1
– Fritz 47198 Blücher- 17
– Fritz 47249 Goeben- 102
– Fritz 47169 Gustav-Heinemann- 24
– Gabriele 47239 Zum Kuckeshof 16
– Gerald 47228 Neu- 8
– Gerharda 47053 Heer- 55
– Gerhard 47137 Augusta- 60
– Gerhard 47198 Otto- 50
Zimmer Gisela 47198 Kirch- 157
– Gisela 47137 Reinhold- 54
– Günter
47179 Dr.-Wilhelm-Roelen- 327
– Hannelore 47249 Sudeten- 63
– Hans 47249 Dachstein- 12
– Hans 47119 Landwehr- 78
– Hans Dr. 47198 Ziegelweg 5
– Hans-Günter Dr.
47137 Schliemann- 20
– Hans-Jürgen 47226 Eschen- 21
– Hans-Peter 47055 Flieder- 51
– Hartmut 47198 Schwarzwaldweg 11
– Heike 47226 Hermann- 45
– Heinz
47179 Dr.-Wilhelm-Roelen- 265
– Heinz 47228 Loh- 41
– Heinz 47199 Rhein- 20
– Heinz-Josef 47249 Sudeten- 63
– Helga 47279 Neidenburger- 36
– Helga 47249 Römer- 1
– Helmut 47055 Düsseldorfer- 620
– Helmut 47119 König-Friedr.-Wilh.- 43
– Helmut 47167 Tübinger Weg 14
– Herbert 47169 Hoch- 39
– Hermann 47169 Erlanger- 118a
– Hermann 47167 Kopernikus- 104
– Hilde 47198 Bochum- 13
– Hildegard 47167 Otto-Hahn- 1
– Hiltrud 47228 Neu- 8
– Horst 47226 Garten- 23
– Horst 47137 Sommer- 1
– Horst 47249 Römer- 15
– Ingeborg
47137 Heinrich-Bongers- 50
– Ingrid 47055 Markus- 22
– Iris 47228 Neu- 8
– Irmgard 47051 Gallenkamp- 26
– Irmgard 47249 Straubinger- 14
– Joachim 47226 Hermann- 45
– Joachim 47051 König- 40
– Joachim 47057 Sternbuschweg 4
– Jörg 47051 Brüder- 6
– Jörg-Jochen
47198 Rheinpreußen- 39
– Johann 47179 Hülsermannshof 5
– Johanna 47166 Gottlieb- 46
– Josefa 47137 Bronkhorst- 118
– Jürgen 47198 Dietrich-Bonhoeffer- 4
– Jürgen 47057 Eichendorff- 1
– Karin 47167 Tübinger Weg 14
– Karl 47119 Friedrich-Ebert- 12
– Karl 47119 Jording- 11
– Karl-Heinz
47249 Großenbaumer Allee 317
– Karl-Heinz 47179 Hülsermannshof 5
– Karl-Heinz 47239 Steinenkamp 34
– Karola 47119 König-Friedr.-Wilh.- 43
– Katrin 47137 Steinenkamp 34
– Kerstin 47138 Essen-Steeler- 38a
– Kerstin 47133 Kurfürsten- 59
– Kerstin 47139 Leibniz- 9
– Liesa 47228 Mühlenweg 87
– Lieselotte 47228 Feld- 1
– Lieselotte 47178 Goerdeler- 73
– Lothar 47179 Gerdtweg 23
– Lothar 47167 Rügen- 25
– Lothar 47137 Werder- 11
– Luise 47169 Hoch- 39
– Luise 47259 Mündelheimer- 16
– Lutz 47259 Mündelheimer- 16
– Magdalena 47169 Hirschkamp 8
– Manfred 47198 Heideweg 23
– Manfred 47055 Markus- 22
– Manuela 47169 Erlanger- 118a
– Manuela 47167 Rügen- 25
– Margarete 47137 Nalenz- 18
– Margarete 47166 Schul- 94
– Maria 47166 Reichenberger- 18
– Marianne 47119 Bergius- 22
– Marianne
47179 Dr.-Wilhelm-Roelen- 327
– Marianne 47179 Hülsermannshof 5
– Marianne 47198 Ziegelweg 5
– Mario 47169 Goeben- 119
– Markus
47249 Sittardsberger Allee 113
– Martina 47119 Fürst-Bismarck- 12
– Martin 47249 Römer- 1
– Mathias 47169 Hirschkamp 8
– Matthias 47166 Reichenberger- 18
– Michael 47269 Am Tinnenbusch 119
– Michaela 47228 Neu- 8
– Monika 47138 Am Giesenhof 9
– Monika 47198 Blücher- 16
– Monika 47179 Hülsermannshof 5
– Monika 47179 Dr.-Wilhelm-Roelen- 6
– Monika 47228 Hecken- 65
– Monika 47166 Bregenzer- 20
– Norbert 47169 Spichern- 6
– Norbert 47051 Gallenkamp- 26
– Ottilie 47137 Herwarth- 26
– Patrick 47137 Siegfried- 14
– Peter 47139 Leibniz- 9
– Peter 47169 Schwaben- 34
– Philipp 47058 Schreiber- 22
– Ralf 47057 Gellert- 14
– Ralf 47053 Schulte- 15
– Reiner 47169 Goeben- 118
– Renate 47226 Garten- 23
– Rolf 47057 Kolonie- 57
– Roland 47167 Am Kreyenbergshof 90
– Rosemarie 47198 Kirch- 157
– Roswitha 47051 Lahn- 54
– Roswitha 47137 Schwarzwald- 35
– Ruth 47051 Stapeltor 3
– Ruth 47137 Steinenkamp 34
– Ruth 47198 Neuhäuser- 421
– Sandra 47137 Werder- 16
– Siegfried 47137 Brückel- 99
– Siegfried 47249 Sudeten- 63
– Sieglinde 47053 Schulte- 15
– Silke 47249 Sittardsberger Allee 113
– Sophie 47137 Horst- 44
– Stephan 47178 Goerdeler- 73
– Susanne 47055 Nikolai- 21
– Thomas 47179 Dr.Hans-Böckler- 49
– Thomas 47179 Dittfeld- 155
– Udo 47169 Wilfried- 15
– Udo 47239 Zum Kuckeshof 16
– Ulrich 47051 Brüder- 6
– Ursula 47269 Am Tinnenbusch 119
– Uwe 47228 Hecken- 65
Firmen, Gewerbebetriebe usw. nach Namen – siehe gelber Teil	A-DU
